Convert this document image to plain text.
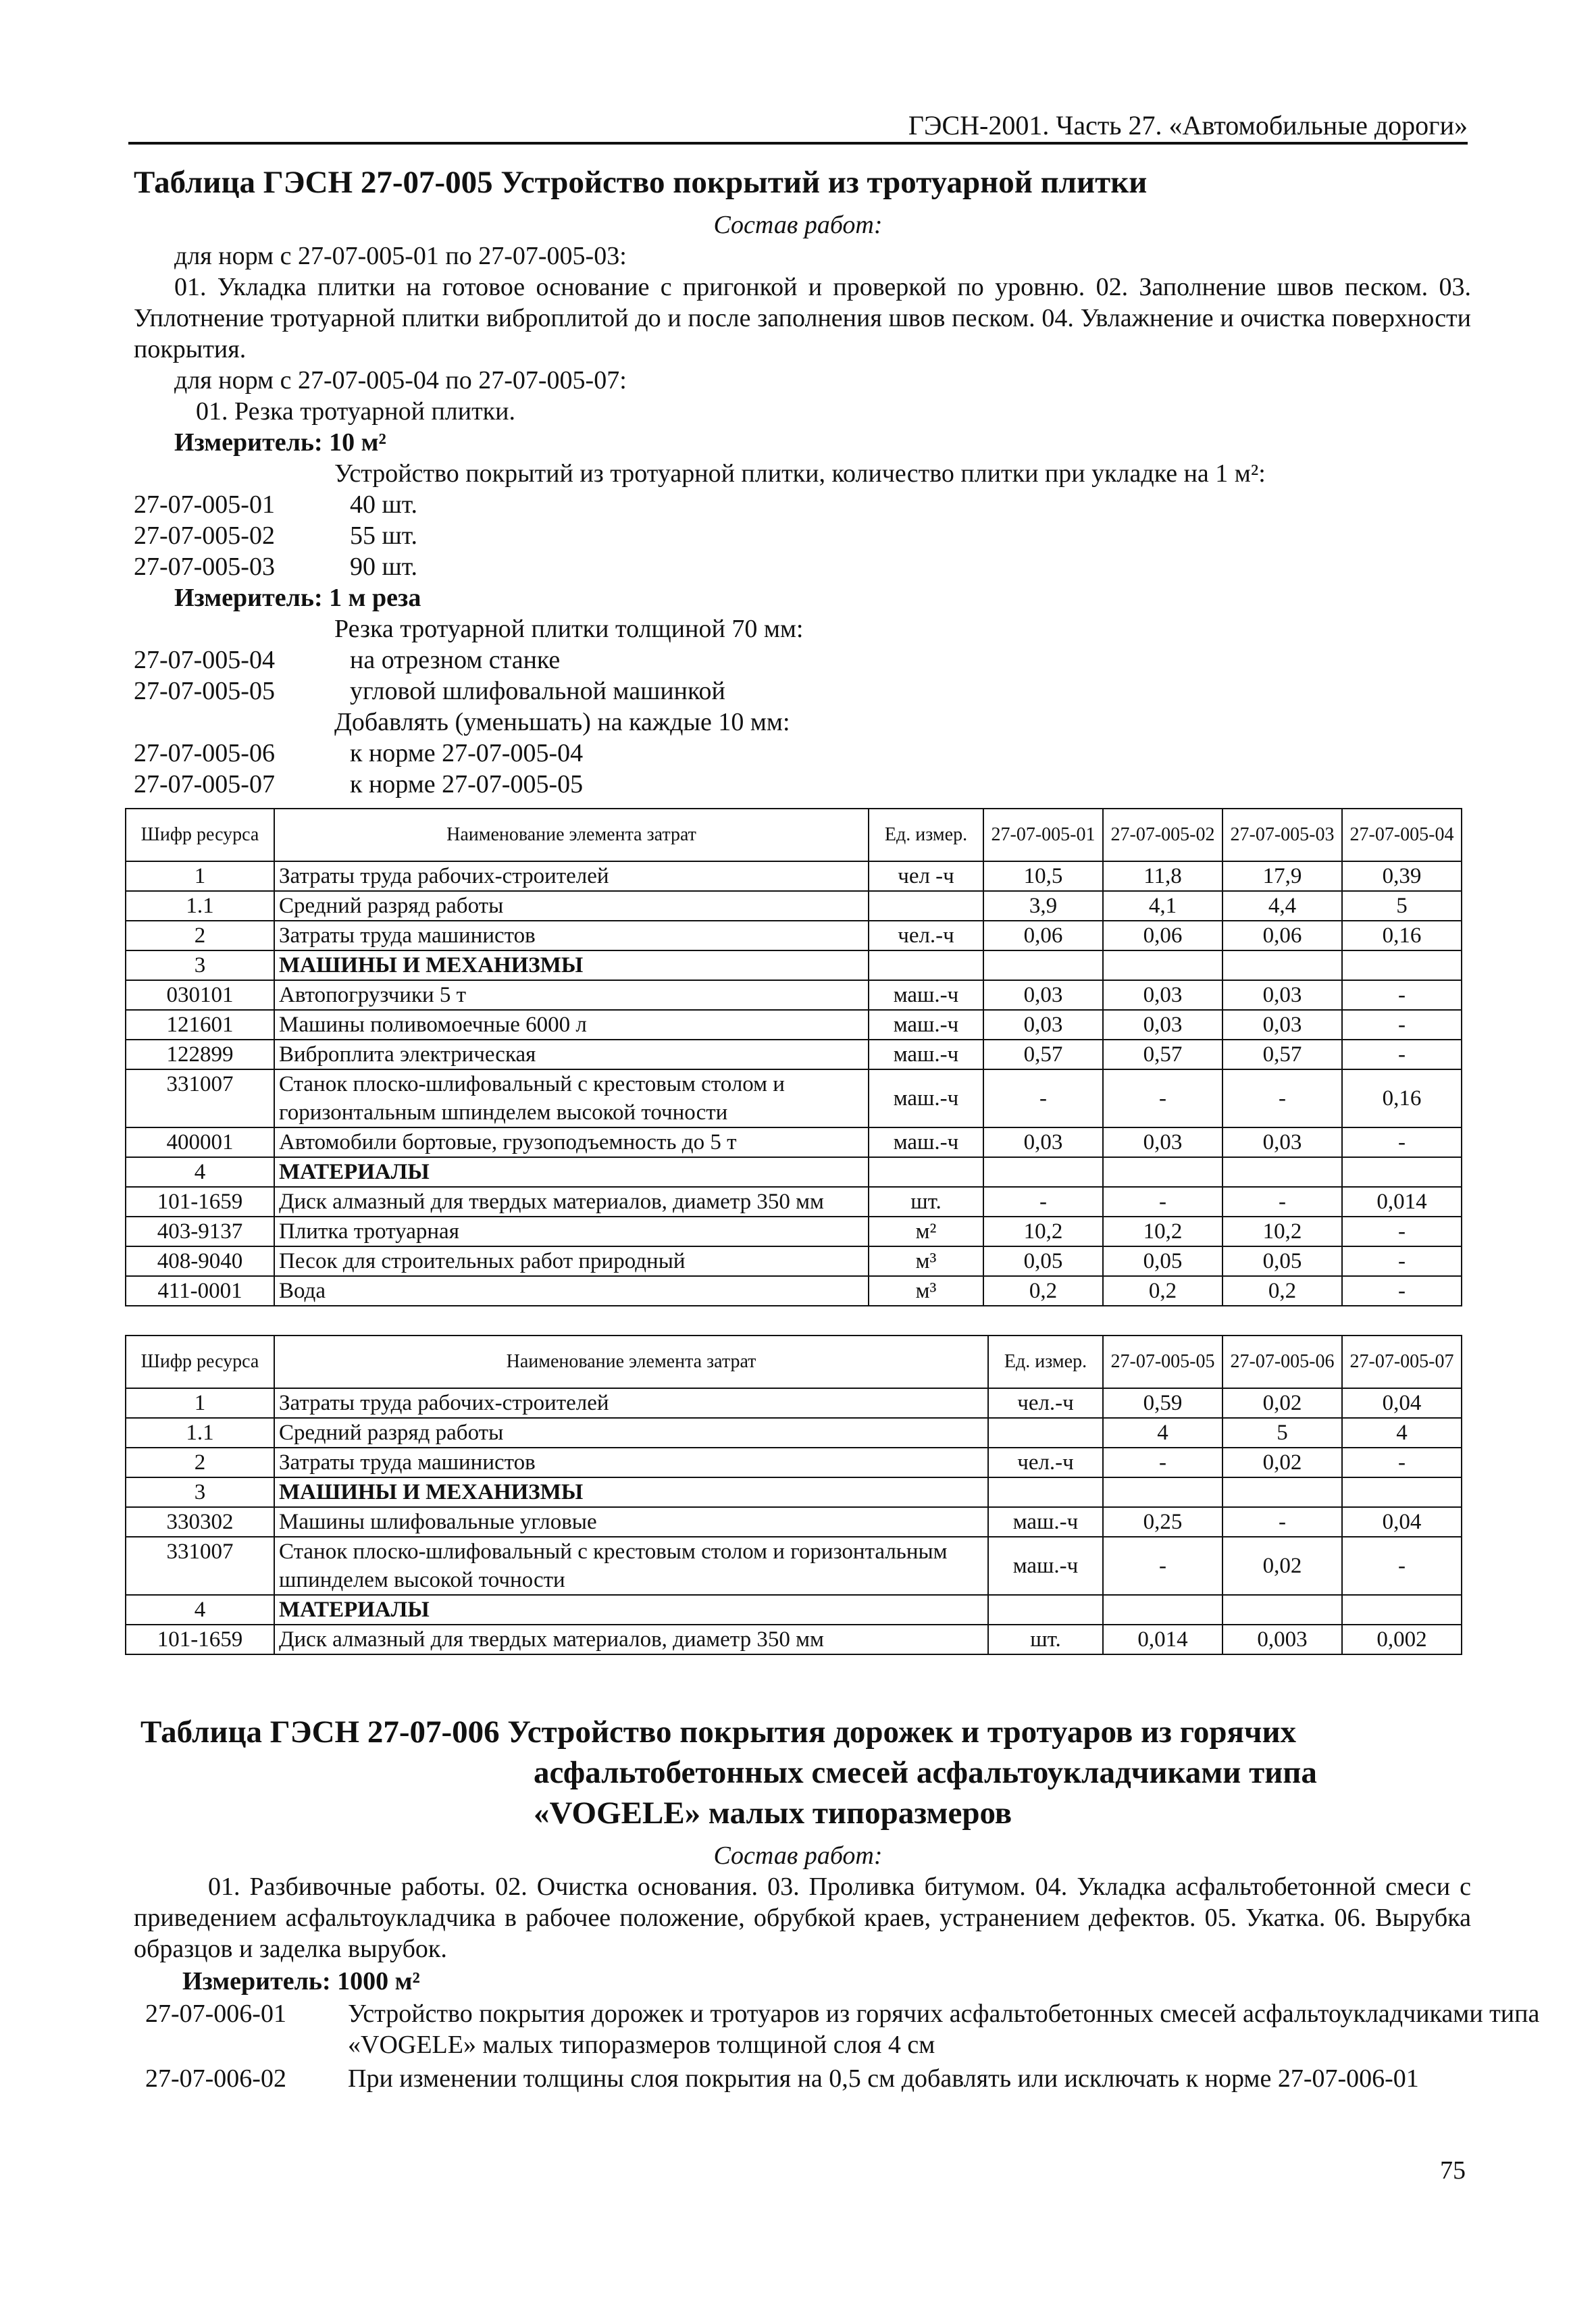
ГЭСН-2001. Часть 27. «Автомобильные дороги»
Таблица ГЭСН 27-07-005 Устройство покрытий из тротуарной плитки
Состав работ:
для норм с 27-07-005-01 по 27-07-005-03:
01. Укладка плитки на готовое основание с пригонкой и проверкой по уровню. 02. Заполнение швов песком. 03. Уплотнение тротуарной плитки виброплитой до и после заполнения швов песком. 04. Увлажнение и очистка поверхности покрытия.
для норм с 27-07-005-04 по 27-07-005-07:
01. Резка тротуарной плитки.
Измеритель: 10 м²
Устройство покрытий из тротуарной плитки, количество плитки при укладке на 1 м²:
27-07-005-01	40 шт.
27-07-005-02	55 шт.
27-07-005-03	90 шт.
Измеритель: 1 м реза
Резка тротуарной плитки толщиной 70 мм:
27-07-005-04	на отрезном станке
27-07-005-05	угловой шлифовальной машинкой
Добавлять (уменьшать) на каждые 10 мм:
27-07-005-06	к норме 27-07-005-04
27-07-005-07	к норме 27-07-005-05
Шифр ресурса	Наименование элемента затрат	Ед. измер.	27-07-005-01	27-07-005-02	27-07-005-03	27-07-005-04
1	Затраты труда рабочих-строителей	чел -ч	10,5	11,8	17,9	0,39
1.1	Средний разряд работы		3,9	4,1	4,4	5
2	Затраты труда машинистов	чел.-ч	0,06	0,06	0,06	0,16
3	МАШИНЫ И МЕХАНИЗМЫ					
030101	Автопогрузчики 5 т	маш.-ч	0,03	0,03	0,03	-
121601	Машины поливомоечные 6000 л	маш.-ч	0,03	0,03	0,03	-
122899	Виброплита электрическая	маш.-ч	0,57	0,57	0,57	-
331007	Станок плоско-шлифовальный с крестовым столом и горизонтальным шпинделем высокой точности	маш.-ч	-	-	-	0,16
400001	Автомобили бортовые, грузоподъемность до 5 т	маш.-ч	0,03	0,03	0,03	-
4	МАТЕРИАЛЫ					
101-1659	Диск алмазный для твердых материалов, диаметр 350 мм	шт.	-	-	-	0,014
403-9137	Плитка тротуарная	м²	10,2	10,2	10,2	-
408-9040	Песок для строительных работ природный	м³	0,05	0,05	0,05	-
411-0001	Вода	м³	0,2	0,2	0,2	-
Шифр ресурса	Наименование элемента затрат	Ед. измер.	27-07-005-05	27-07-005-06	27-07-005-07
1	Затраты труда рабочих-строителей	чел.-ч	0,59	0,02	0,04
1.1	Средний разряд работы		4	5	4
2	Затраты труда машинистов	чел.-ч	-	0,02	-
3	МАШИНЫ И МЕХАНИЗМЫ				
330302	Машины шлифовальные угловые	маш.-ч	0,25	-	0,04
331007	Станок плоско-шлифовальный с крестовым столом и горизонтальным шпинделем высокой точности	маш.-ч	-	0,02	-
4	МАТЕРИАЛЫ				
101-1659	Диск алмазный для твердых материалов, диаметр 350 мм	шт.	0,014	0,003	0,002
Таблица ГЭСН 27-07-006 Устройство покрытия дорожек и тротуаров из горячих
асфальтобетонных смесей асфальтоукладчиками типа
«VOGELE» малых типоразмеров
Состав работ:
01. Разбивочные работы. 02. Очистка основания. 03. Проливка битумом. 04. Укладка асфальтобетонной смеси с приведением асфальтоукладчика в рабочее положение, обрубкой краев, устранением дефектов. 05. Укатка. 06. Вырубка образцов и заделка вырубок.
Измеритель: 1000 м²
27-07-006-01 Устройство покрытия дорожек и тротуаров из горячих асфальтобетонных смесей асфальтоукладчиками типа «VOGELE» малых типоразмеров толщиной слоя 4 см
27-07-006-02 При изменении толщины слоя покрытия на 0,5 см добавлять или исключать к норме 27-07-006-01
75
